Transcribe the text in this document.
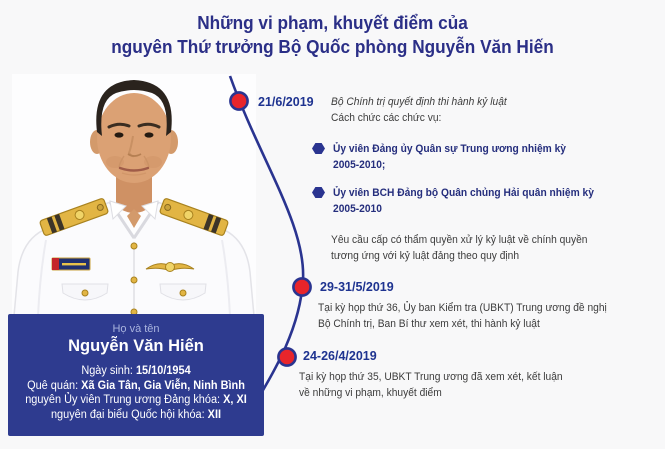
Những vi phạm, khuyết điểm của
nguyên Thứ trưởng Bộ Quốc phòng Nguyễn Văn Hiến
21/6/2019 Bộ Chính trị quyết định thi hành kỷ luật
Cách chức các chức vụ:
Ủy viên Đảng ủy Quân sự Trung ương nhiệm kỳ
2005-2010;
Ủy viên BCH Đảng bộ Quân chủng Hải quân nhiệm kỳ
2005-2010
Yêu cầu cấp có thẩm quyền xử lý kỷ luật về chính quyền
tương ứng với kỷ luật đảng theo quy định
29-31/5/2019
Tại kỳ họp thứ 36, Ủy ban Kiểm tra (UBKT) Trung ương đề nghị
Bộ Chính trị, Ban Bí thư xem xét, thi hành kỷ luật
24-26/4/2019
Tại kỳ họp thứ 35, UBKT Trung ương đã xem xét, kết luận
về những vi phạm, khuyết điểm
Họ và tên
Nguyễn Văn Hiến
Ngày sinh: 15/10/1954
Quê quán: Xã Gia Tân, Gia Viễn, Ninh Bình
nguyên Ủy viên Trung ương Đảng khóa: X, XI
nguyên đại biểu Quốc hội khóa: XII
